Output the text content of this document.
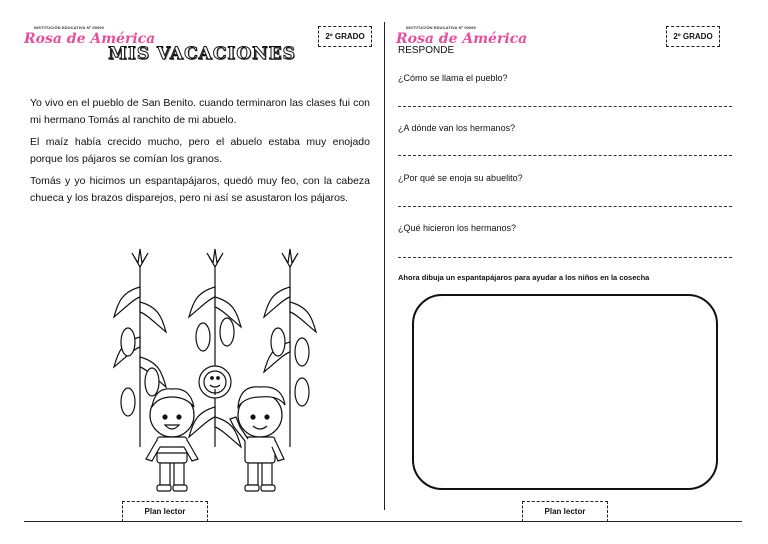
INSTITUCIÓN EDUCATIVA Nº 00090
Rosa de América	2º GRADO
MIS VACACIONES

Yo vivo en el pueblo de San Benito. cuando terminaron las clases fui con mi hermano Tomás al ranchito de mi abuelo.

El maíz había crecido mucho, pero el abuelo estaba muy enojado porque los pájaros se comían los granos.

Tomás y yo hicimos un espantapájaros, quedó muy feo, con la cabeza chueca y los brazos disparejos, pero ni así se asustaron los pájaros.

Plan lector
INSTITUCIÓN EDUCATIVA Nº 00090
Rosa de América	2º GRADO
RESPONDE
¿Cómo se llama el pueblo?
¿A dónde van los hermanos?
¿Por qué se enoja su abuelito?
¿Qué hicieron los hermanos?
Ahora dibuja un espantapájaros para ayudar a los niños en la cosecha
Plan lector
